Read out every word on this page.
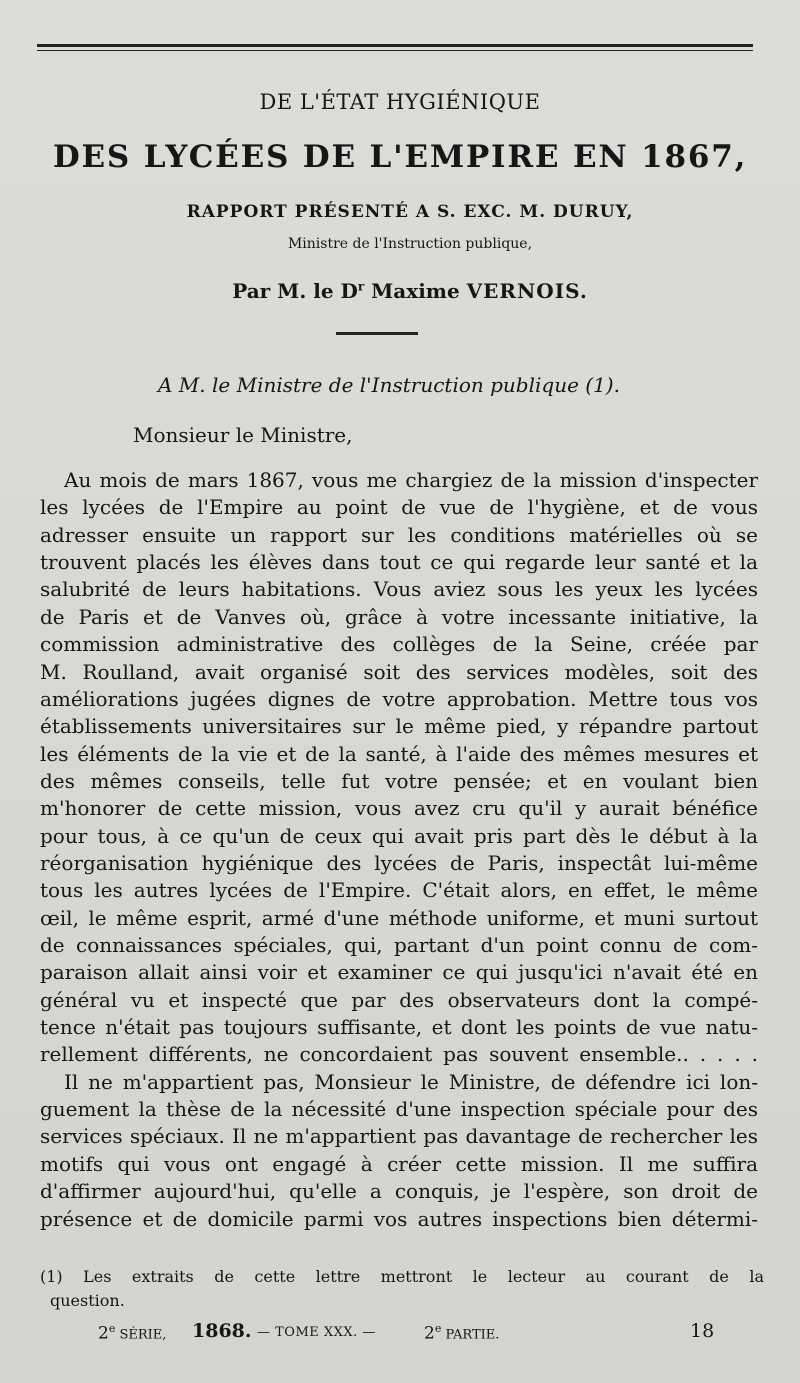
DE L'ÉTAT HYGIÉNIQUE
DES LYCÉES DE L'EMPIRE EN 1867,
RAPPORT PRÉSENTÉ A S. EXC. M. DURUY,
Ministre de l'Instruction publique,
Par M. le $D^r$ Maxime VERNOIS.
A M. le Ministre de l'Instruction publique (1).
Monsieur le Ministre,
Au mois de mars 1867, vous me chargiez de la mission d'inspecter
les lycées de l'Empire au point de vue de l'hygiène, et de vous
adresser ensuite un rapport sur les conditions matérielles où se
trouvent placés les élèves dans tout ce qui regarde leur santé et la
salubrité de leurs habitations. Vous aviez sous les yeux les lycées
de Paris et de Vanves où, grâce à votre incessante initiative, la
commission administrative des collèges de la Seine, créée par
M. Roulland, avait organisé soit des services modèles, soit des
améliorations jugées dignes de votre approbation. Mettre tous vos
établissements universitaires sur le même pied, y répandre partout
les éléments de la vie et de la santé, à l'aide des mêmes mesures et
des mêmes conseils, telle fut votre pensée; et en voulant bien
m'honorer de cette mission, vous avez cru qu'il y aurait bénéfice
pour tous, à ce qu'un de ceux qui avait pris part dès le début à la
réorganisation hygiénique des lycées de Paris, inspectât lui-même
tous les autres lycées de l'Empire. C'était alors, en effet, le même
œil, le même esprit, armé d'une méthode uniforme, et muni surtout
de connaissances spéciales, qui, partant d'un point connu de com-
paraison allait ainsi voir et examiner ce qui jusqu'ici n'avait été en
général vu et inspecté que par des observateurs dont la compé-
tence n'était pas toujours suffisante, et dont les points de vue natu-
rellement différents, ne concordaient pas souvent ensemble.. . . . .
Il ne m'appartient pas, Monsieur le Ministre, de défendre ici lon-
guement la thèse de la nécessité d'une inspection spéciale pour des
services spéciaux. Il ne m'appartient pas davantage de rechercher les
motifs qui vous ont engagé à créer cette mission. Il me suffira
d'affirmer aujourd'hui, qu'elle a conquis, je l'espère, son droit de
présence et de domicile parmi vos autres inspections bien détermi-
(1) Les extraits de cette lettre mettront le lecteur au courant de la
question.
2e SÉRIE, 1868. — TOME XXX. —	2e PARTIE.	18
